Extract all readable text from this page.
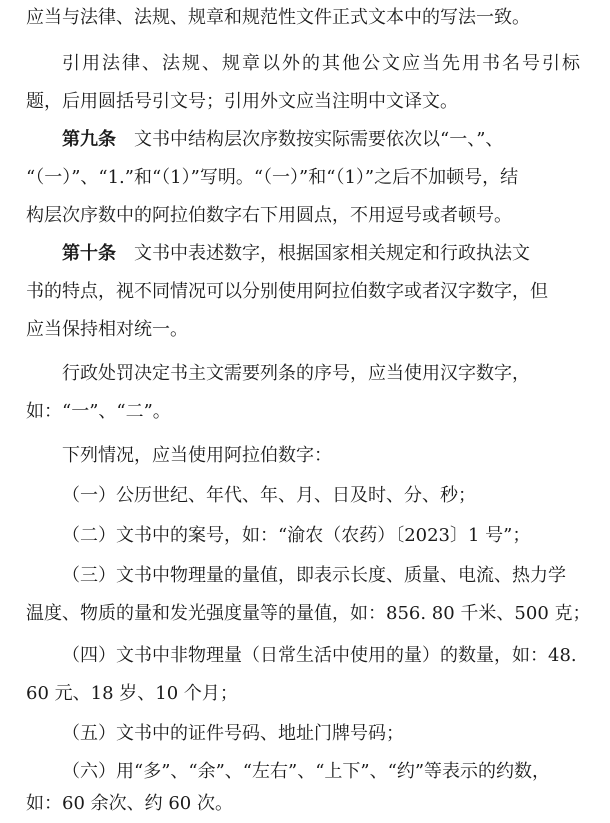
应当与法律、法规、规章和规范性文件正式文本中的写法一致。
引用法律、法规、规章以外的其他公文应当先用书名号引标
题，后用圆括号引文号；引用外文应当注明中文译文。
第九条 文书中结构层次序数按实际需要依次以“一、”、
“（一）”、“1.”和“（1）”写明。“（一）”和“（1）”之后不加顿号，结
构层次序数中的阿拉伯数字右下用圆点，不用逗号或者顿号。
第十条 文书中表述数字，根据国家相关规定和行政执法文
书的特点，视不同情况可以分别使用阿拉伯数字或者汉字数字，但
应当保持相对统一。
行政处罚决定书主文需要列条的序号，应当使用汉字数字，
如：“一”、“二”。
下列情况，应当使用阿拉伯数字：
（一）公历世纪、年代、年、月、日及时、分、秒；
（二）文书中的案号，如：“渝农（农药）〔2023〕1 号”；
（三）文书中物理量的量值，即表示长度、质量、电流、热力学
温度、物质的量和发光强度量等的量值，如：856. 80 千米、500 克；
（四）文书中非物理量（日常生活中使用的量）的数量，如：48.
60 元、18 岁、10 个月；
（五）文书中的证件号码、地址门牌号码；
（六）用“多”、“余”、“左右”、“上下”、“约”等表示的约数，
如：60 余次、约 60 次。
